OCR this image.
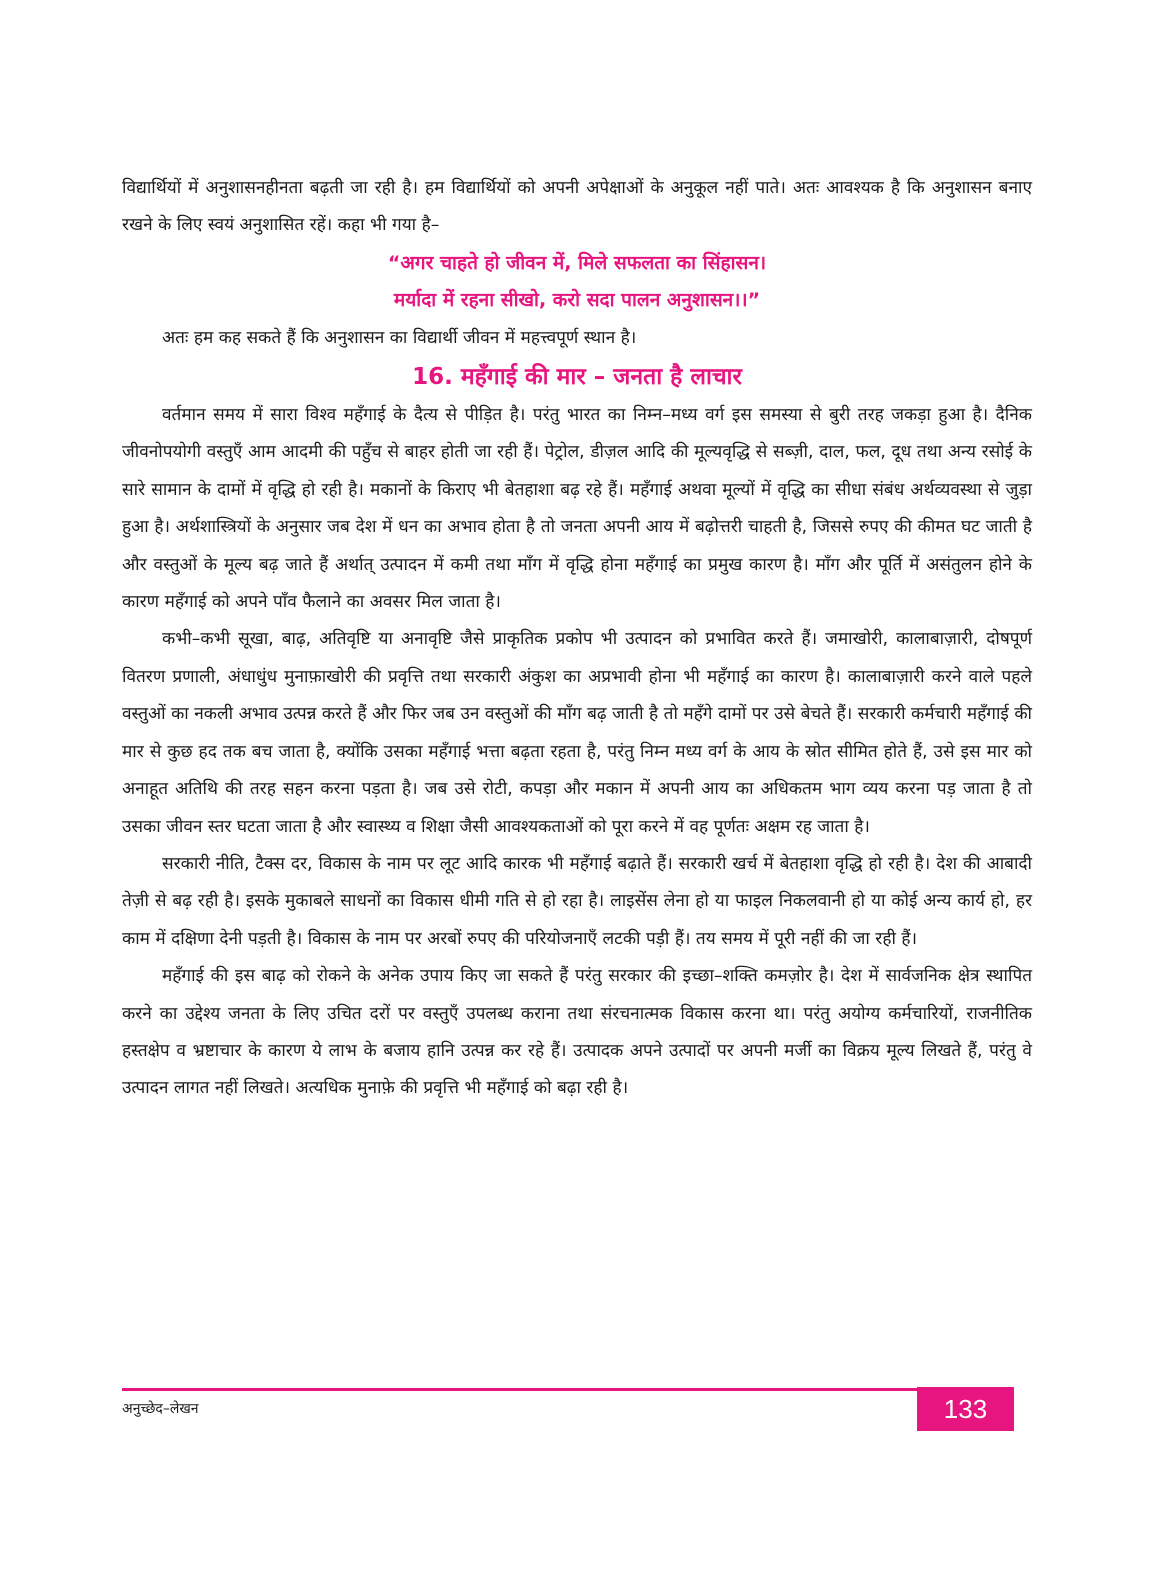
विद्यार्थियों में अनुशासनहीनता बढ़ती जा रही है। हम विद्यार्थियों को अपनी अपेक्षाओं के अनुकूल नहीं पाते। अतः आवश्यक है कि अनुशासन बनाए रखने के लिए स्वयं अनुशासित रहें। कहा भी गया है–

“अगर चाहते हो जीवन में, मिले सफलता का सिंहासन।

मर्यादा में रहना सीखो, करो सदा पालन अनुशासन।।”

अतः हम कह सकते हैं कि अनुशासन का विद्यार्थी जीवन में महत्त्वपूर्ण स्थान है।

16. महँगाई की मार – जनता है लाचार

वर्तमान समय में सारा विश्व महँगाई के दैत्य से पीड़ित है। परंतु भारत का निम्न–मध्य वर्ग इस समस्या से बुरी तरह जकड़ा हुआ है। दैनिक जीवनोपयोगी वस्तुएँ आम आदमी की पहुँच से बाहर होती जा रही हैं। पेट्रोल, डीज़ल आदि की मूल्यवृद्धि से सब्ज़ी, दाल, फल, दूध तथा अन्य रसोई के सारे सामान के दामों में वृद्धि हो रही है। मकानों के किराए भी बेतहाशा बढ़ रहे हैं। महँगाई अथवा मूल्यों में वृद्धि का सीधा संबंध अर्थव्यवस्था से जुड़ा हुआ है। अर्थशास्त्रियों के अनुसार जब देश में धन का अभाव होता है तो जनता अपनी आय में बढ़ोत्तरी चाहती है, जिससे रुपए की कीमत घट जाती है और वस्तुओं के मूल्य बढ़ जाते हैं अर्थात् उत्पादन में कमी तथा माँग में वृद्धि होना महँगाई का प्रमुख कारण है। माँग और पूर्ति में असंतुलन होने के कारण महँगाई को अपने पाँव फैलाने का अवसर मिल जाता है।

कभी–कभी सूखा, बाढ़, अतिवृष्टि या अनावृष्टि जैसे प्राकृतिक प्रकोप भी उत्पादन को प्रभावित करते हैं। जमाखोरी, कालाबाज़ारी, दोषपूर्ण वितरण प्रणाली, अंधाधुंध मुनाफ़ाखोरी की प्रवृत्ति तथा सरकारी अंकुश का अप्रभावी होना भी महँगाई का कारण है। कालाबाज़ारी करने वाले पहले वस्तुओं का नकली अभाव उत्पन्न करते हैं और फिर जब उन वस्तुओं की माँग बढ़ जाती है तो महँगे दामों पर उसे बेचते हैं। सरकारी कर्मचारी महँगाई की मार से कुछ हद तक बच जाता है, क्योंकि उसका महँगाई भत्ता बढ़ता रहता है, परंतु निम्न मध्य वर्ग के आय के स्रोत सीमित होते हैं, उसे इस मार को अनाहूत अतिथि की तरह सहन करना पड़ता है। जब उसे रोटी, कपड़ा और मकान में अपनी आय का अधिकतम भाग व्यय करना पड़ जाता है तो उसका जीवन स्तर घटता जाता है और स्वास्थ्य व शिक्षा जैसी आवश्यकताओं को पूरा करने में वह पूर्णतः अक्षम रह जाता है।

सरकारी नीति, टैक्स दर, विकास के नाम पर लूट आदि कारक भी महँगाई बढ़ाते हैं। सरकारी खर्च में बेतहाशा वृद्धि हो रही है। देश की आबादी तेज़ी से बढ़ रही है। इसके मुकाबले साधनों का विकास धीमी गति से हो रहा है। लाइसेंस लेना हो या फाइल निकलवानी हो या कोई अन्य कार्य हो, हर काम में दक्षिणा देनी पड़ती है। विकास के नाम पर अरबों रुपए की परियोजनाएँ लटकी पड़ी हैं। तय समय में पूरी नहीं की जा रही हैं।

महँगाई की इस बाढ़ को रोकने के अनेक उपाय किए जा सकते हैं परंतु सरकार की इच्छा–शक्ति कमज़ोर है। देश में सार्वजनिक क्षेत्र स्थापित करने का उद्देश्य जनता के लिए उचित दरों पर वस्तुएँ उपलब्ध कराना तथा संरचनात्मक विकास करना था। परंतु अयोग्य कर्मचारियों, राजनीतिक हस्तक्षेप व भ्रष्टाचार के कारण ये लाभ के बजाय हानि उत्पन्न कर रहे हैं। उत्पादक अपने उत्पादों पर अपनी मर्जी का विक्रय मूल्य लिखते हैं, परंतु वे उत्पादन लागत नहीं लिखते। अत्यधिक मुनाफ़े की प्रवृत्ति भी महँगाई को बढ़ा रही है।

अनुच्छेद–लेखन	133
